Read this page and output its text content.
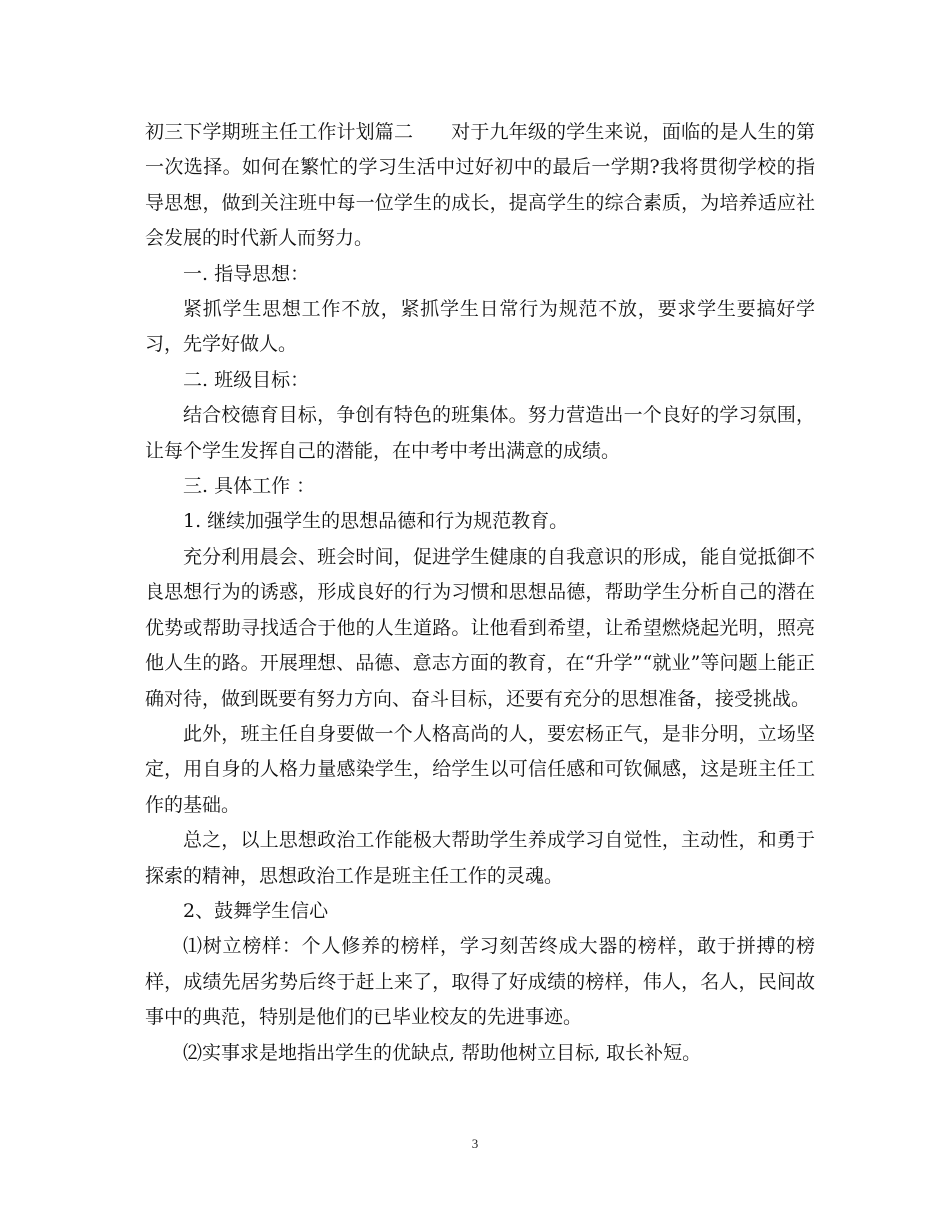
初三下学期班主任工作计划篇二 对于九年级的学生来说，面临的是人生的第一次选择。如何在繁忙的学习生活中过好初中的最后一学期?我将贯彻学校的指导思想，做到关注班中每一位学生的成长，提高学生的综合素质，为培养适应社会发展的时代新人而努力。

一. 指导思想：

紧抓学生思想工作不放，紧抓学生日常行为规范不放，要求学生要搞好学习，先学好做人。

二. 班级目标：

结合校德育目标，争创有特色的班集体。努力营造出一个良好的学习氛围，让每个学生发挥自己的潜能，在中考中考出满意的成绩。

三. 具体工作 ：

1. 继续加强学生的思想品德和行为规范教育。

充分利用晨会、班会时间，促进学生健康的自我意识的形成，能自觉抵御不良思想行为的诱惑，形成良好的行为习惯和思想品德，帮助学生分析自己的潜在优势或帮助寻找适合于他的人生道路。让他看到希望，让希望燃烧起光明，照亮他人生的路。开展理想、品德、意志方面的教育，在“升学”“就业”等问题上能正确对待，做到既要有努力方向、奋斗目标，还要有充分的思想准备，接受挑战。

此外，班主任自身要做一个人格高尚的人，要宏杨正气，是非分明，立场坚定，用自身的人格力量感染学生，给学生以可信任感和可钦佩感，这是班主任工作的基础。

总之，以上思想政治工作能极大帮助学生养成学习自觉性，主动性，和勇于探索的精神，思想政治工作是班主任工作的灵魂。

2、鼓舞学生信心

⑴树立榜样：个人修养的榜样，学习刻苦终成大器的榜样，敢于拼搏的榜样，成绩先居劣势后终于赶上来了，取得了好成绩的榜样，伟人，名人，民间故事中的典范，特别是他们的已毕业校友的先进事迹。

⑵实事求是地指出学生的优缺点, 帮助他树立目标, 取长补短。

3
